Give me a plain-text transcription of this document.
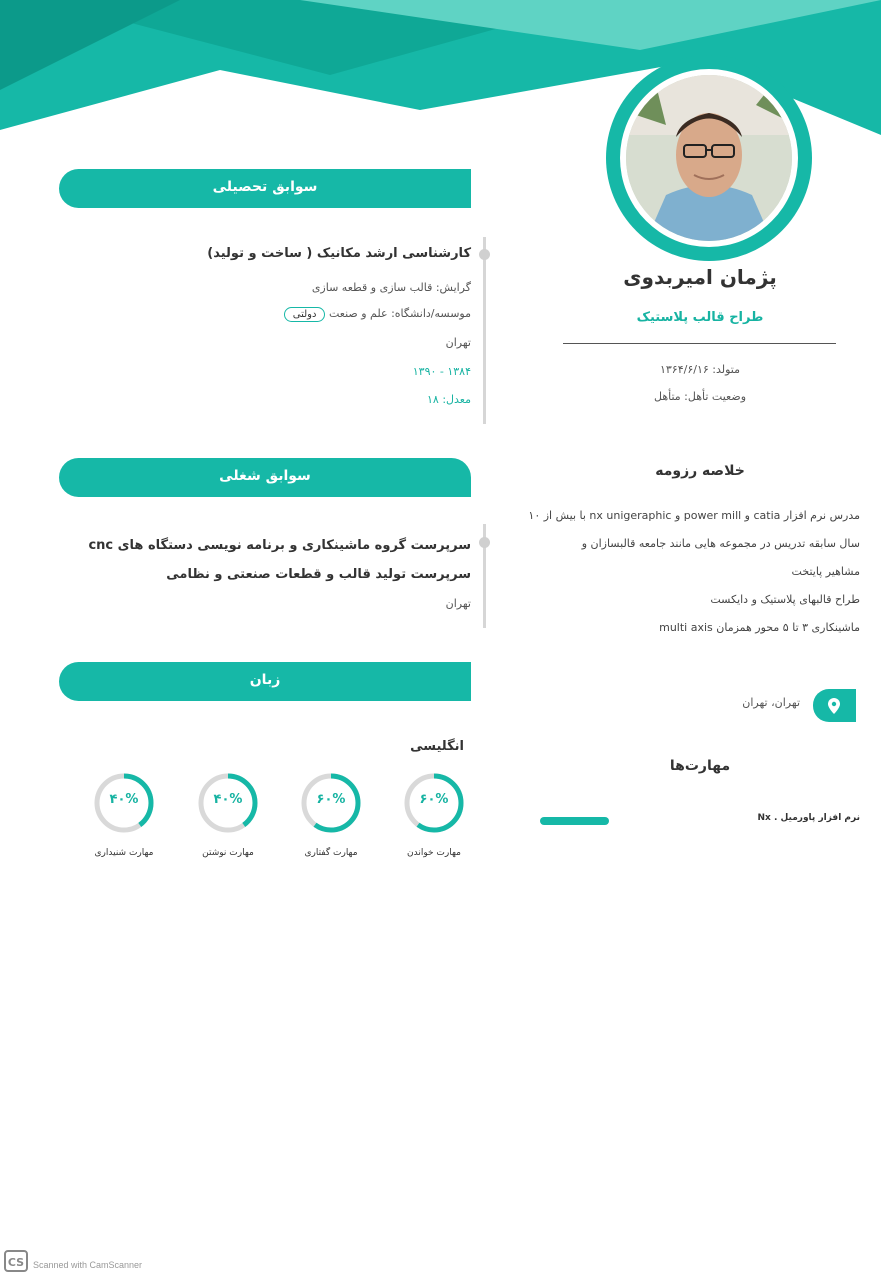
پژمان امیربدوی
طراح قالب پلاستیک
متولد: ۱۳۶۴/۶/۱۶
وضعیت تأهل: متأهل
خلاصه رزومه
مدرس نرم افزار catia و power mill و nx unigeraphic با بیش از ۱۰
سال سابقه تدریس در مجموعه هایی مانند جامعه قالبسازان و
مشاهیر پایتخت
طراح قالبهای پلاستیک و دایکست
ماشینکاری ۳ تا ۵ محور همزمان multi axis
تهران، تهران
مهارت‌ها
نرم افزار پاورمیل . Nx
سوابق تحصیلی
کارشناسی ارشد مکانیک ( ساخت و تولید)
گرایش: قالب سازی و قطعه سازی
موسسه/دانشگاه: علم و صنعت دولتی
تهران
۱۳۸۴ - ۱۳۹۰
معدل: ۱۸
سوابق شغلی
سرپرست گروه ماشینکاری و برنامه نویسی دستگاه های cnc سرپرست تولید قالب و قطعات صنعتی و نظامی
تهران
زبان
انگلیسی
۶۰%
مهارت خواندن
۶۰%
مهارت گفتاری
۴۰%
مهارت نوشتن
۴۰%
مهارت شنیداری
CS Scanned with CamScanner
